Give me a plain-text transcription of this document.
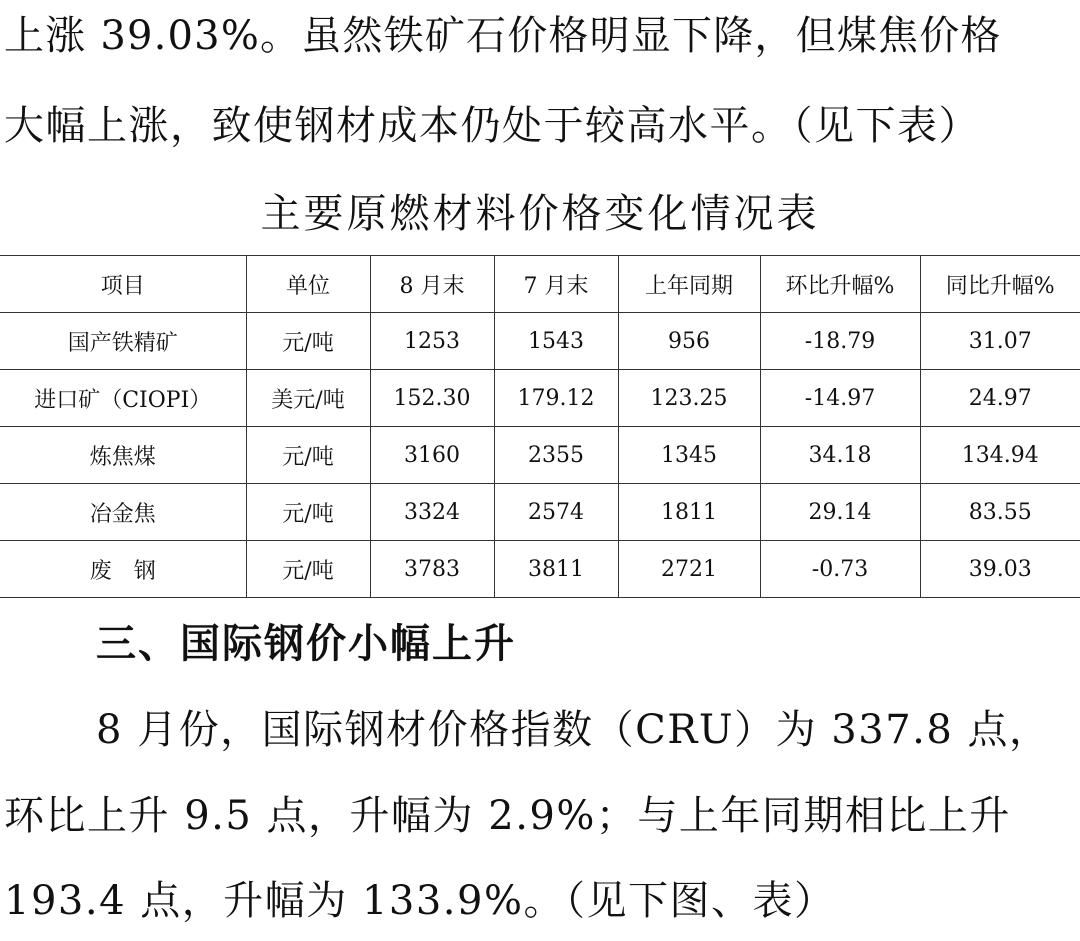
上涨 39.03%。虽然铁矿石价格明显下降，但煤焦价格
大幅上涨，致使钢材成本仍处于较高水平。（见下表）
主要原燃材料价格变化情况表
项目	单位	8 月末	7 月末	上年同期	环比升幅%	同比升幅%
国产铁精矿	元/吨	1253	1543	956	-18.79	31.07
进口矿（CIOPI）	美元/吨	152.30	179.12	123.25	-14.97	24.97
炼焦煤	元/吨	3160	2355	1345	34.18	134.94
冶金焦	元/吨	3324	2574	1811	29.14	83.55
废　钢	元/吨	3783	3811	2721	-0.73	39.03
三、国际钢价小幅上升
8 月份，国际钢材价格指数（CRU）为 337.8 点，
环比上升 9.5 点，升幅为 2.9%；与上年同期相比上升
193.4 点，升幅为 133.9%。（见下图、表）
